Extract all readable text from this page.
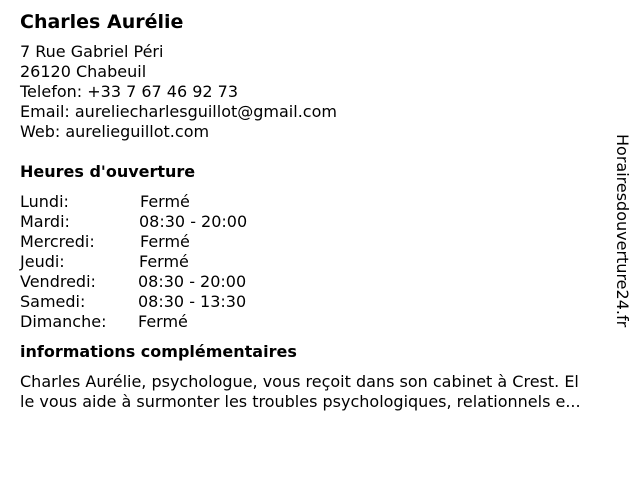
Charles Aurélie
7 Rue Gabriel Péri
26120 Chabeuil
Telefon: +33 7 67 46 92 73
Email: aureliecharlesguillot@gmail.com
Web: aurelieguillot.com
Heures d'ouverture
Lundi:	Fermé
Mardi:	08:30 - 20:00
Mercredi:	Fermé
Jeudi:	Fermé
Vendredi:	08:30 - 20:00
Samedi:	08:30 - 13:30
Dimanche: Fermé
informations complémentaires
Charles Aurélie, psychologue, vous reçoit dans son cabinet à Crest. El
le vous aide à surmonter les troubles psychologiques, relationnels e...
Horairesdouverture24.fr
